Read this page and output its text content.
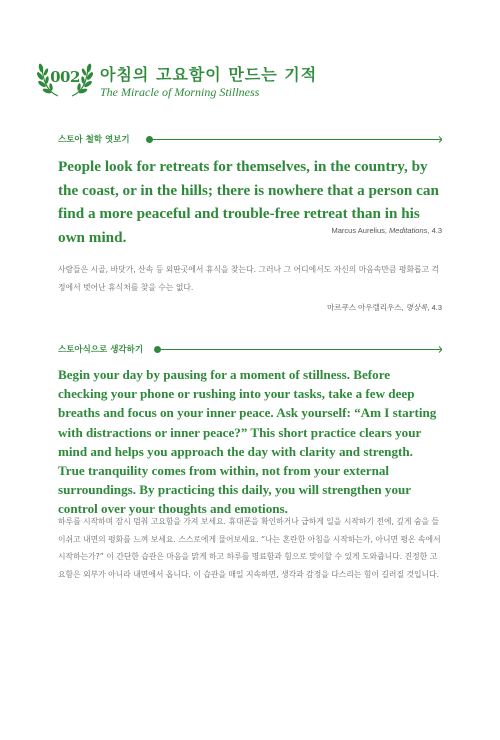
002 아침의 고요함이 만드는 기적
The Miracle of Morning Stillness
스토아 철학 엿보기
People look for retreats for themselves, in the country, by the coast, or in the hills; there is nowhere that a person can find a more peaceful and trouble-free retreat than in his own mind.	Marcus Aurelius, Meditations, 4.3
사람들은 시골, 바닷가, 산속 등 외딴곳에서 휴식을 찾는다. 그러나 그 어디에서도 자신의 마음속만큼 평화롭고 걱정에서 벗어난 휴식처를 찾을 수는 없다.
마르쿠스 아우렐리우스, 명상록, 4.3
스토아식으로 생각하기
Begin your day by pausing for a moment of stillness. Before checking your phone or rushing into your tasks, take a few deep breaths and focus on your inner peace. Ask yourself: “Am I starting with distractions or inner peace?” This short practice clears your mind and helps you approach the day with clarity and strength. True tranquility comes from within, not from your external surroundings. By practicing this daily, you will strengthen your control over your thoughts and emotions.
하루를 시작하며 잠시 멈춰 고요함을 가져 보세요. 휴대폰을 확인하거나 급하게 일을 시작하기 전에, 깊게 숨을 들이쉬고 내면의 평화를 느껴 보세요. 스스로에게 물어보세요. “나는 혼란한 아침을 시작하는가, 아니면 평온 속에서 시작하는가?” 이 간단한 습관은 마음을 맑게 하고 하루를 명료함과 힘으로 맞이할 수 있게 도와줍니다. 진정한 고요함은 외부가 아니라 내면에서 옵니다. 이 습관을 매일 지속하면, 생각과 감정을 다스리는 힘이 길러질 것입니다.
